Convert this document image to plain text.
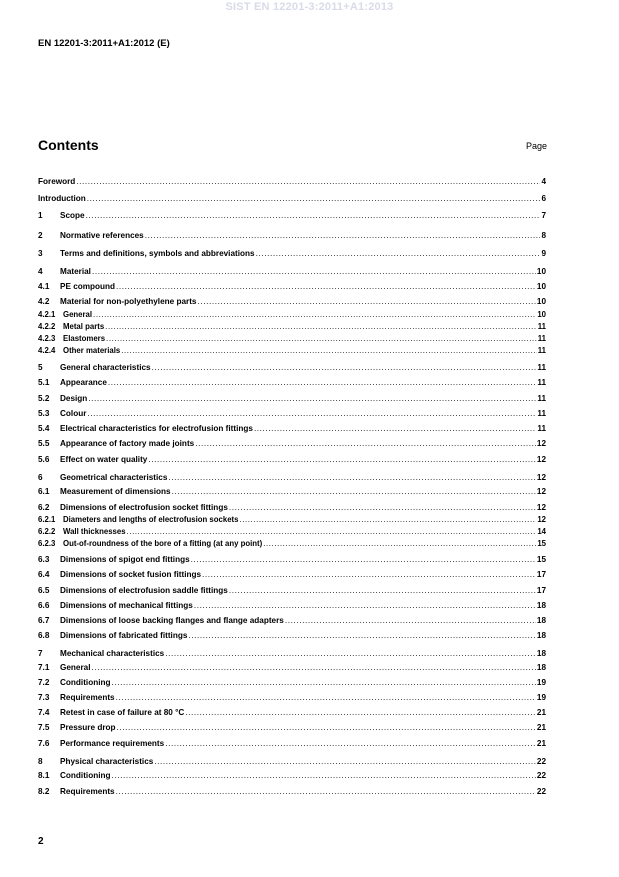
SIST EN 12201-3:2011+A1:2013
EN 12201-3:2011+A1:2012 (E)
Contents	Page
Foreword .....	4
Introduction .....	6
1	Scope .....	7
2	Normative references .....	8
3	Terms and definitions, symbols and abbreviations .....	9
4	Material .....	10
4.1	PE compound .....	10
4.2	Material for non-polyethylene parts .....	10
4.2.1 General .....	10
4.2.2 Metal parts .....	11
4.2.3 Elastomers .....	11
4.2.4 Other materials .....	11
5	General characteristics .....	11
5.1	Appearance .....	11
5.2	Design .....	11
5.3	Colour .....	11
5.4	Electrical characteristics for electrofusion fittings .....	11
5.5	Appearance of factory made joints .....	12
5.6	Effect on water quality .....	12
6	Geometrical characteristics .....	12
6.1	Measurement of dimensions .....	12
6.2	Dimensions of electrofusion socket fittings .....	12
6.2.1 Diameters and lengths of electrofusion sockets .....	12
6.2.2 Wall thicknesses .....	14
6.2.3 Out-of-roundness of the bore of a fitting (at any point) .....	15
6.3	Dimensions of spigot end fittings .....	15
6.4	Dimensions of socket fusion fittings .....	17
6.5	Dimensions of electrofusion saddle fittings .....	17
6.6	Dimensions of mechanical fittings .....	18
6.7	Dimensions of loose backing flanges and flange adapters .....	18
6.8	Dimensions of fabricated fittings .....	18
7	Mechanical characteristics .....	18
7.1	General .....	18
7.2	Conditioning .....	19
7.3	Requirements .....	19
7.4	Retest in case of failure at 80 °C .....	21
7.5	Pressure drop .....	21
7.6	Performance requirements .....	21
8	Physical characteristics .....	22
8.1	Conditioning .....	22
8.2	Requirements .....	22
2
